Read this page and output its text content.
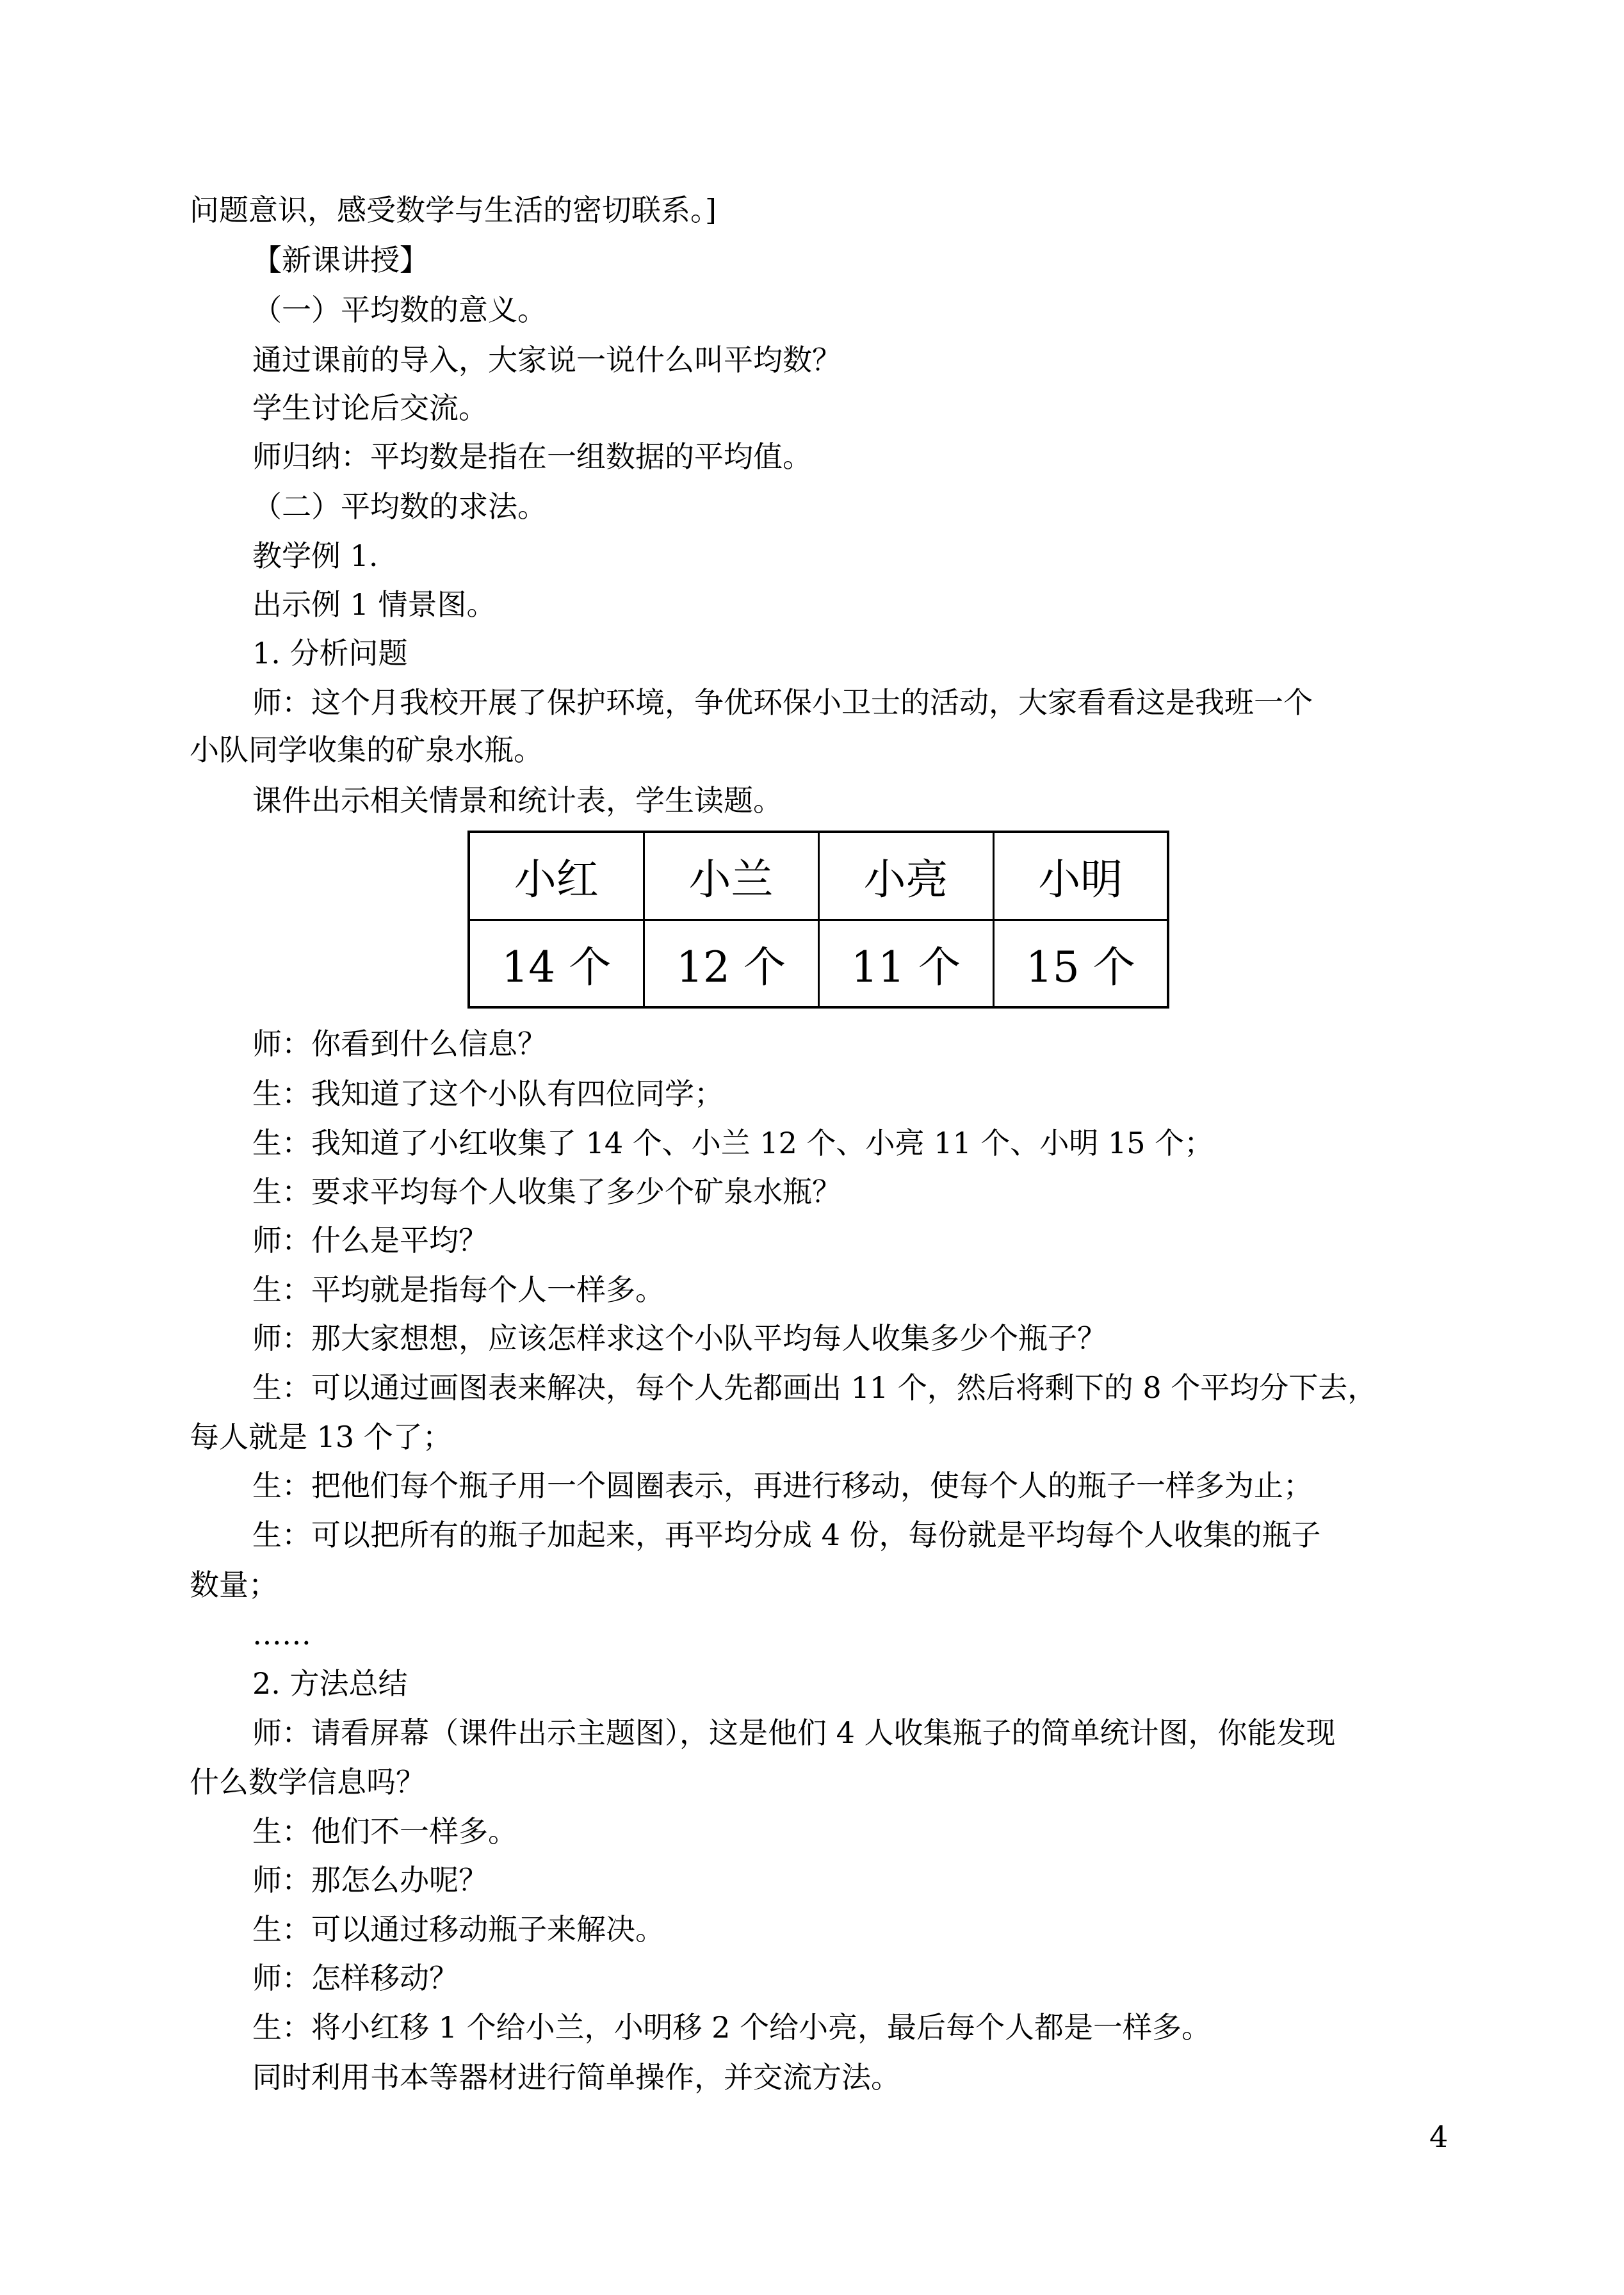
问题意识，感受数学与生活的密切联系。]
【新课讲授】
（一）平均数的意义。
通过课前的导入，大家说一说什么叫平均数？
学生讨论后交流。
师归纳：平均数是指在一组数据的平均值。
（二）平均数的求法。
教学例 1.
出示例 1 情景图。
1. 分析问题
师：这个月我校开展了保护环境，争优环保小卫士的活动，大家看看这是我班一个
小队同学收集的矿泉水瓶。
课件出示相关情景和统计表，学生读题。
小红	小兰	小亮	小明
14 个	12 个	11 个	15 个
师：你看到什么信息？
生：我知道了这个小队有四位同学；
生：我知道了小红收集了 14 个、小兰 12 个、小亮 11 个、小明 15 个；
生：要求平均每个人收集了多少个矿泉水瓶？
师：什么是平均？
生：平均就是指每个人一样多。
师：那大家想想，应该怎样求这个小队平均每人收集多少个瓶子？
生：可以通过画图表来解决，每个人先都画出 11 个，然后将剩下的 8 个平均分下去，
每人就是 13 个了；
生：把他们每个瓶子用一个圆圈表示，再进行移动，使每个人的瓶子一样多为止；
生：可以把所有的瓶子加起来，再平均分成 4 份，每份就是平均每个人收集的瓶子
数量；
……
2. 方法总结
师：请看屏幕（课件出示主题图），这是他们 4 人收集瓶子的简单统计图，你能发现
什么数学信息吗？
生：他们不一样多。
师：那怎么办呢？
生：可以通过移动瓶子来解决。
师：怎样移动？
生：将小红移 1 个给小兰，小明移 2 个给小亮，最后每个人都是一样多。
同时利用书本等器材进行简单操作，并交流方法。
4
